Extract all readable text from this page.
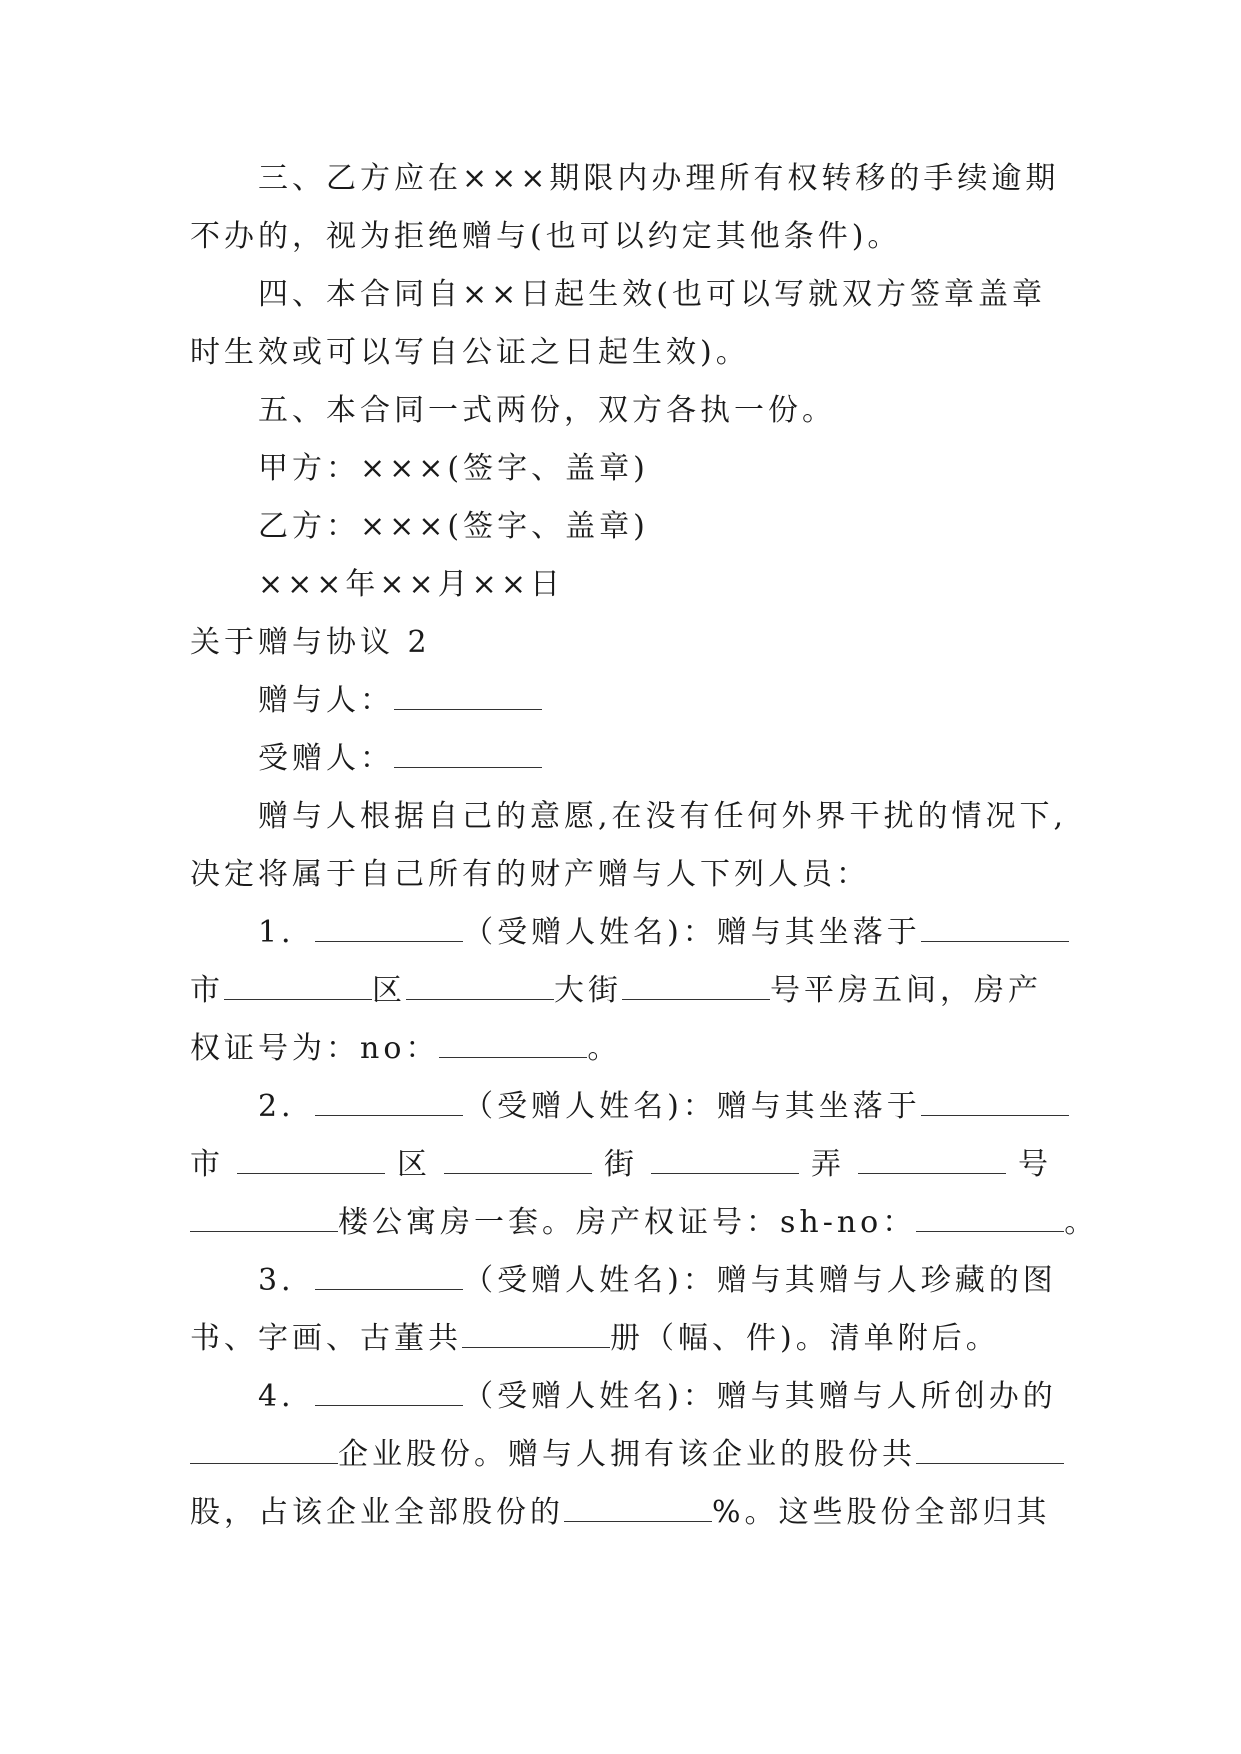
三、乙方应在×××期限内办理所有权转移的手续逾期

不办的，视为拒绝赠与(也可以约定其他条件)。

四、本合同自××日起生效(也可以写就双方签章盖章

时生效或可以写自公证之日起生效)。

五、本合同一式两份，双方各执一份。

甲方：×××(签字、盖章)

乙方：×××(签字、盖章)

×××年××月××日

关于赠与协议 2

赠与人：

受赠人：

赠与人根据自己的意愿,在没有任何外界干扰的情况下,

决定将属于自己所有的财产赠与人下列人员：

1．	（受赠人姓名)：赠与其坐落于

市	区	大街	号平房五间，房产

权证号为：no：	。

2．	（受赠人姓名)：赠与其坐落于

市	区	街	弄	号

楼公寓房一套。房产权证号：sh-no：	。

3．	（受赠人姓名)：赠与其赠与人珍藏的图

书、字画、古董共	册（幅、件)。清单附后。

4．	（受赠人姓名)：赠与其赠与人所创办的

企业股份。赠与人拥有该企业的股份共

股，占该企业全部股份的	%。这些股份全部归其
